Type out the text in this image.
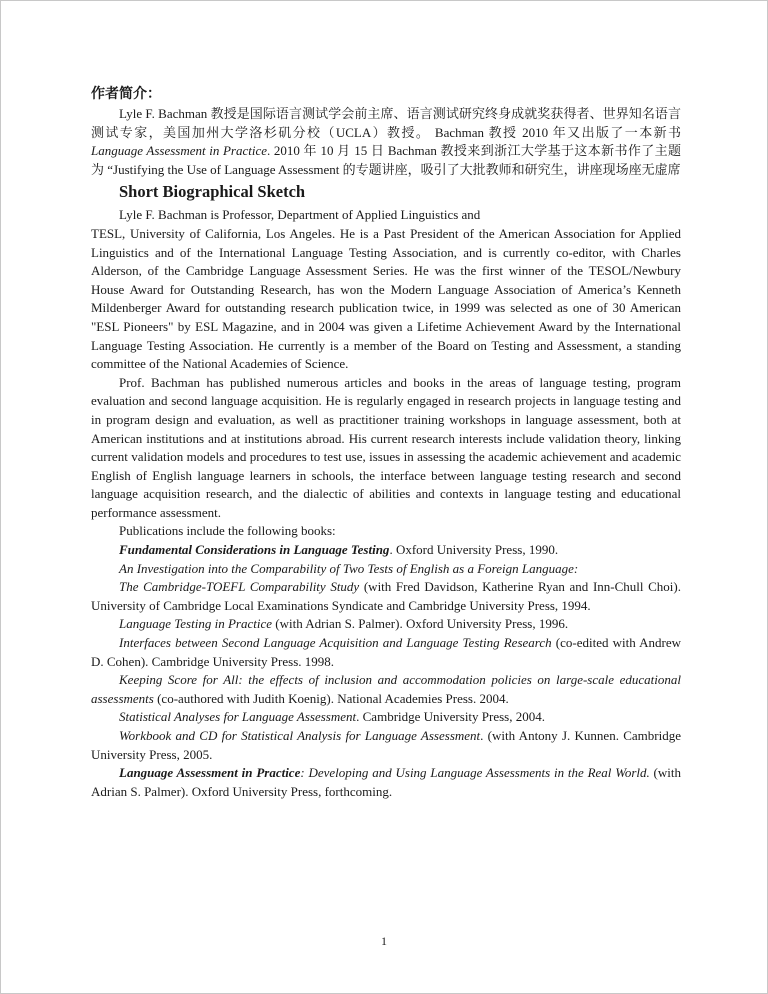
作者简介：

Lyle F. Bachman 教授是国际语言测试学会前主席、语言测试研究终身成就奖获得者、世界知名语言测试专家，美国加州大学洛杉矶分校（UCLA）教授。 Bachman 教授 2010 年又出版了一本新书 Language Assessment in Practice. 2010 年 10 月 15 日 Bachman 教授来到浙江大学基于这本新书作了主题为 “Justifying the Use of Language Assessment 的专题讲座，吸引了大批教师和研究生，讲座现场座无虚席

Short Biographical Sketch

Lyle F. Bachman is Professor, Department of Applied Linguistics and
TESL, University of California, Los Angeles. He is a Past President of the American Association for Applied Linguistics and of the International Language Testing Association, and is currently co-editor, with Charles Alderson, of the Cambridge Language Assessment Series. He was the first winner of the TESOL/Newbury House Award for Outstanding Research, has won the Modern Language Association of America’s Kenneth Mildenberger Award for outstanding research publication twice, in 1999 was selected as one of 30 American "ESL Pioneers" by ESL Magazine, and in 2004 was given a Lifetime Achievement Award by the International Language Testing Association. He currently is a member of the Board on Testing and Assessment, a standing committee of the National Academies of Science.

Prof. Bachman has published numerous articles and books in the areas of language testing, program evaluation and second language acquisition. He is regularly engaged in research projects in language testing and in program design and evaluation, as well as practitioner training workshops in language assessment, both at American institutions and at institutions abroad. His current research interests include validation theory, linking current validation models and procedures to test use, issues in assessing the academic achievement and academic English of English language learners in schools, the interface between language testing research and second language acquisition research, and the dialectic of abilities and contexts in language testing and educational performance assessment.

Publications include the following books:

Fundamental Considerations in Language Testing. Oxford University Press, 1990.

An Investigation into the Comparability of Two Tests of English as a Foreign Language:

The Cambridge-TOEFL Comparability Study (with Fred Davidson, Katherine Ryan and Inn-Chull Choi). University of Cambridge Local Examinations Syndicate and Cambridge University Press, 1994.

Language Testing in Practice (with Adrian S. Palmer). Oxford University Press, 1996.

Interfaces between Second Language Acquisition and Language Testing Research (co-edited with Andrew D. Cohen). Cambridge University Press. 1998.

Keeping Score for All: the effects of inclusion and accommodation policies on large-scale educational assessments (co-authored with Judith Koenig). National Academies Press. 2004.

Statistical Analyses for Language Assessment. Cambridge University Press, 2004.

Workbook and CD for Statistical Analysis for Language Assessment. (with Antony J. Kunnen. Cambridge University Press, 2005.

Language Assessment in Practice: Developing and Using Language Assessments in the Real World. (with Adrian S. Palmer). Oxford University Press, forthcoming.

1
